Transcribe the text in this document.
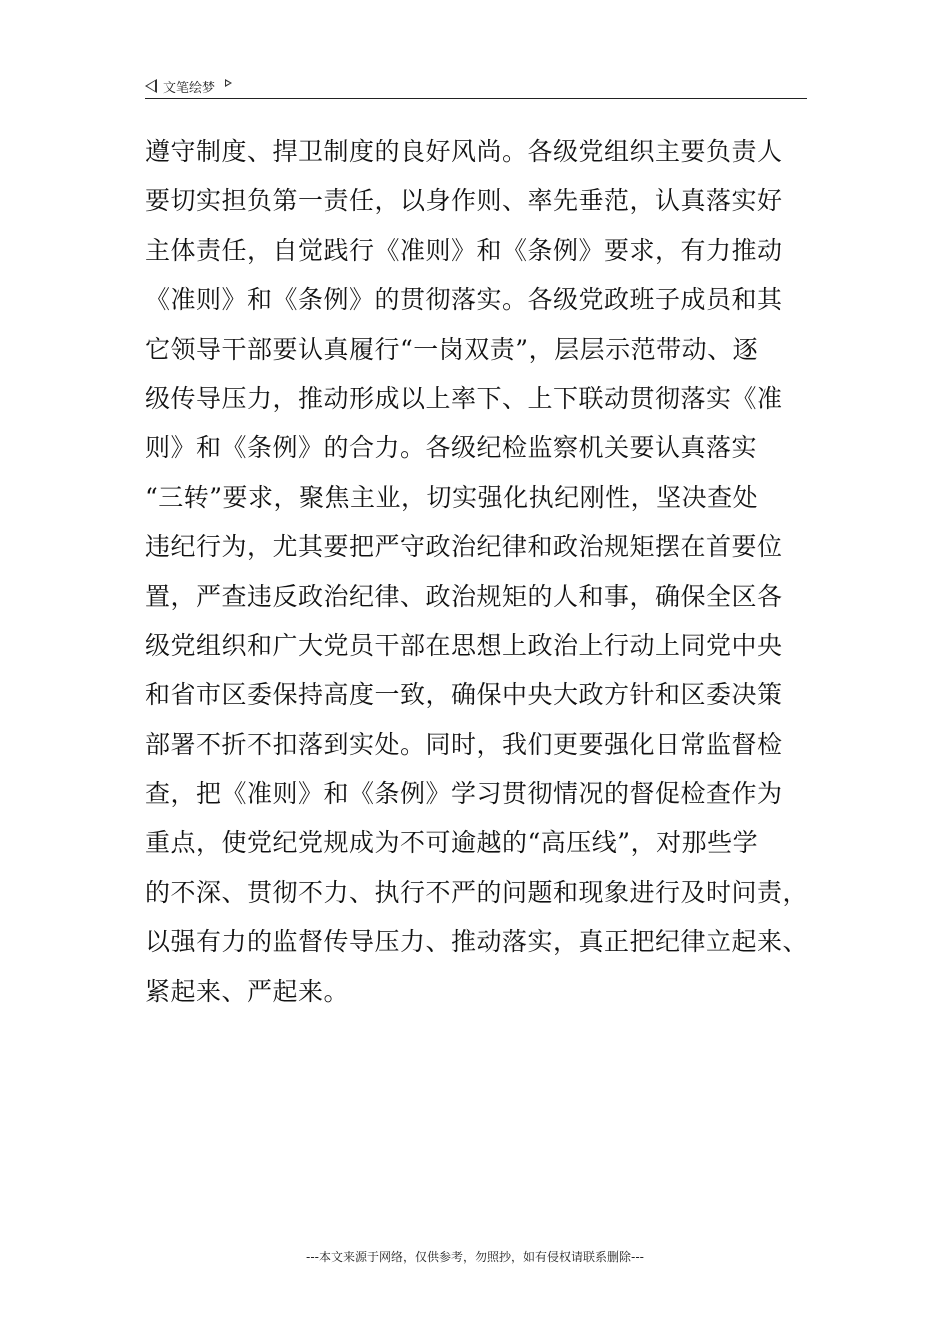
文笔绘梦
遵守制度、捍卫制度的良好风尚。各级党组织主要负责人
要切实担负第一责任，以身作则、率先垂范，认真落实好
主体责任，自觉践行《准则》和《条例》要求，有力推动
《准则》和《条例》的贯彻落实。各级党政班子成员和其
它领导干部要认真履行“一岗双责”，层层示范带动、逐
级传导压力，推动形成以上率下、上下联动贯彻落实《准
则》和《条例》的合力。各级纪检监察机关要认真落实
“三转”要求，聚焦主业，切实强化执纪刚性，坚决查处
违纪行为，尤其要把严守政治纪律和政治规矩摆在首要位
置，严查违反政治纪律、政治规矩的人和事，确保全区各
级党组织和广大党员干部在思想上政治上行动上同党中央
和省市区委保持高度一致，确保中央大政方针和区委决策
部署不折不扣落到实处。同时，我们更要强化日常监督检
查，把《准则》和《条例》学习贯彻情况的督促检查作为
重点，使党纪党规成为不可逾越的“高压线”，对那些学
的不深、贯彻不力、执行不严的问题和现象进行及时问责，
以强有力的监督传导压力、推动落实，真正把纪律立起来、
紧起来、严起来。
---本文来源于网络，仅供参考，勿照抄，如有侵权请联系删除---
